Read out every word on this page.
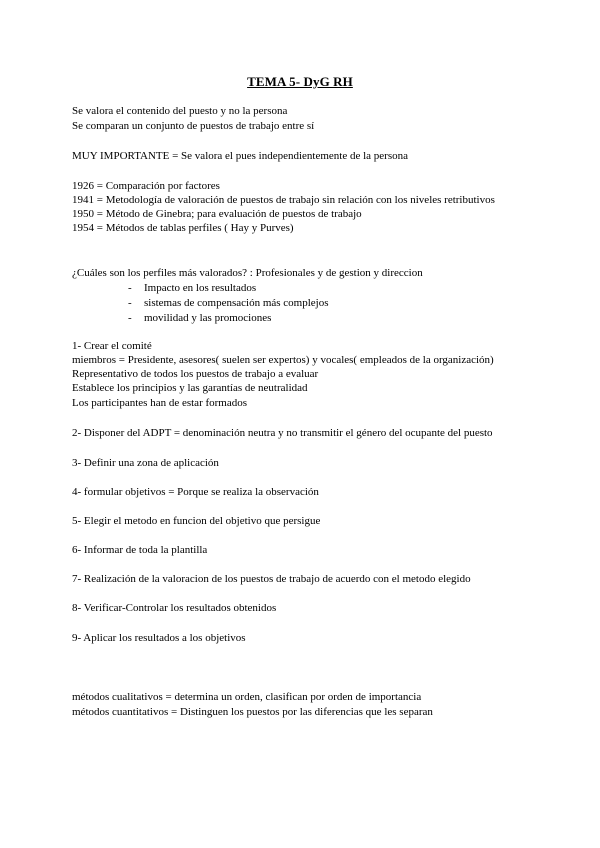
TEMA 5- DyG RH
Se valora el contenido del puesto y no la persona
Se comparan un conjunto de puestos de trabajo entre sí
MUY IMPORTANTE = Se valora el pues independientemente de la persona
1926 = Comparación por factores
1941 = Metodología de valoración de puestos de trabajo sin relación con los niveles retributivos
1950 = Método de Ginebra; para evaluación de puestos de trabajo
1954 = Métodos de tablas perfiles ( Hay y Purves)
¿Cuáles son los perfiles más valorados? : Profesionales y de gestion y direccion
- Impacto en los resultados
- sistemas de compensación más complejos
- movilidad y las promociones
1- Crear el comité
miembros = Presidente, asesores( suelen ser expertos) y vocales( empleados de la organización)
Representativo de todos los puestos de trabajo a evaluar
Establece los principios y las garantías de neutralidad
Los participantes han de estar formados
2- Disponer del ADPT = denominación neutra y no transmitir el género del ocupante del puesto
3- Definir una zona de aplicación
4- formular objetivos = Porque se realiza la observación
5- Elegir el metodo en funcion del objetivo que persigue
6- Informar de toda la plantilla
7- Realización de la valoracion de los puestos de trabajo de acuerdo con el metodo elegido
8- Verificar-Controlar los resultados obtenidos
9- Aplicar los resultados a los objetivos
métodos cualitativos = determina un orden, clasifican por orden de importancia
métodos cuantitativos = Distinguen los puestos por las diferencias que les separan
